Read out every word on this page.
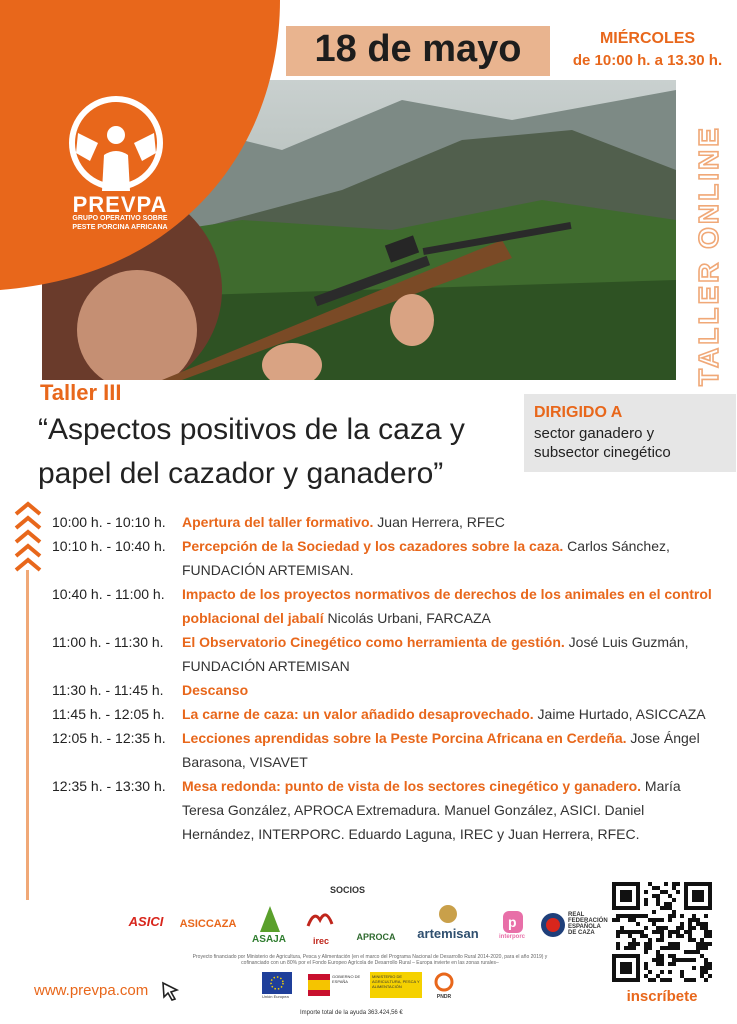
PREVPA
GRUPO OPERATIVO SOBRE
PESTE PORCINA AFRICANA
18 de mayo	MIÉRCOLES
de 10:00 h. a 13.30 h.
TALLER ONLINE
Taller III
“Aspectos positivos de la caza y
papel del cazador y ganadero”
DIRIGIDO A
sector ganadero y
subsector cinegético
10:00 h. - 10:10 h.	Apertura del taller formativo. Juan Herrera, RFEC
10:10 h. - 10:40 h.	Percepción de la Sociedad y los cazadores sobre la caza. Carlos Sánchez, FUNDACIÓN ARTEMISAN.
10:40 h. - 11:00 h.	Impacto de los proyectos normativos de derechos de los animales en el control poblacional del jabalí Nicolás Urbani, FARCAZA
11:00 h. - 11:30 h.	El Observatorio Cinegético como herramienta de gestión. José Luis Guzmán, FUNDACIÓN ARTEMISAN
11:30 h. - 11:45 h.	Descanso
11:45 h. - 12:05 h.	La carne de caza: un valor añadido desaprovechado. Jaime Hurtado, ASICCAZA
12:05 h. - 12:35 h.	Lecciones aprendidas sobre la Peste Porcina Africana en Cerdeña. Jose Ángel Barasona, VISAVET
12:35 h. - 13:30 h.	Mesa redonda: punto de vista de los sectores cinegético y ganadero. María Teresa González, APROCA Extremadura. Manuel González, ASICI. Daniel Hernández, INTERPORC. Eduardo Laguna, IREC y Juan Herrera, RFEC.
SOCIOS
ASICI	ASICCAZA
ASAJA	irec	APROCA	artemisan	interporc
REAL FEDERACIÓN ESPAÑOLA DE CAZA
p
Proyecto financiado por Ministerio de Agricultura, Pesca y Alimentación (en el marco del Programa Nacional de Desarrollo Rural 2014-2020, para el año 2019) y cofinanciado con un 80% por el Fondo Europeo Agrícola de Desarrollo Rural – Europa invierte en las zonas rurales–
Unión Europea
GOBIERNO DE ESPAÑA
MINISTERIO DE AGRICULTURA, PESCA Y ALIMENTACIÓN
PNDR
Importe total de la ayuda 363.424,56 €
www.prevpa.com	inscríbete
